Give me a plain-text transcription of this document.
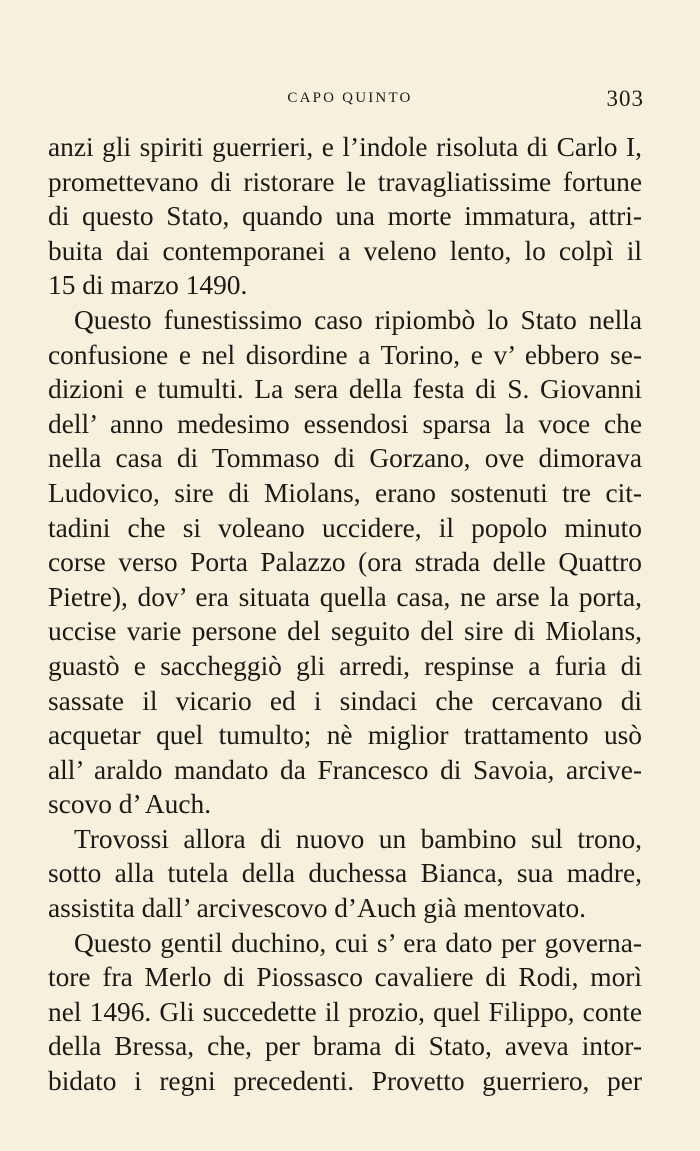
CAPO QUINTO	303
anzi gli spiriti guerrieri, e l’indole risoluta di Carlo I,
promettevano di ristorare le travagliatissime fortune
di questo Stato, quando una morte immatura, attri-
buita dai contemporanei a veleno lento, lo colpì il
15 di marzo 1490.
Questo funestissimo caso ripiombò lo Stato nella
confusione e nel disordine a Torino, e v’ ebbero se-
dizioni e tumulti. La sera della festa di S. Giovanni
dell’ anno medesimo essendosi sparsa la voce che
nella casa di Tommaso di Gorzano, ove dimorava
Ludovico, sire di Miolans, erano sostenuti tre cit-
tadini che si voleano uccidere, il popolo minuto
corse verso Porta Palazzo (ora strada delle Quattro
Pietre), dov’ era situata quella casa, ne arse la porta,
uccise varie persone del seguito del sire di Miolans,
guastò e saccheggiò gli arredi, respinse a furia di
sassate il vicario ed i sindaci che cercavano di
acquetar quel tumulto; nè miglior trattamento usò
all’ araldo mandato da Francesco di Savoia, arcive-
scovo d’ Auch.
Trovossi allora di nuovo un bambino sul trono,
sotto alla tutela della duchessa Bianca, sua madre,
assistita dall’ arcivescovo d’Auch già mentovato.
Questo gentil duchino, cui s’ era dato per governa-
tore fra Merlo di Piossasco cavaliere di Rodi, morì
nel 1496. Gli succedette il prozio, quel Filippo, conte
della Bressa, che, per brama di Stato, aveva intor-
bidato i regni precedenti. Provetto guerriero, per
